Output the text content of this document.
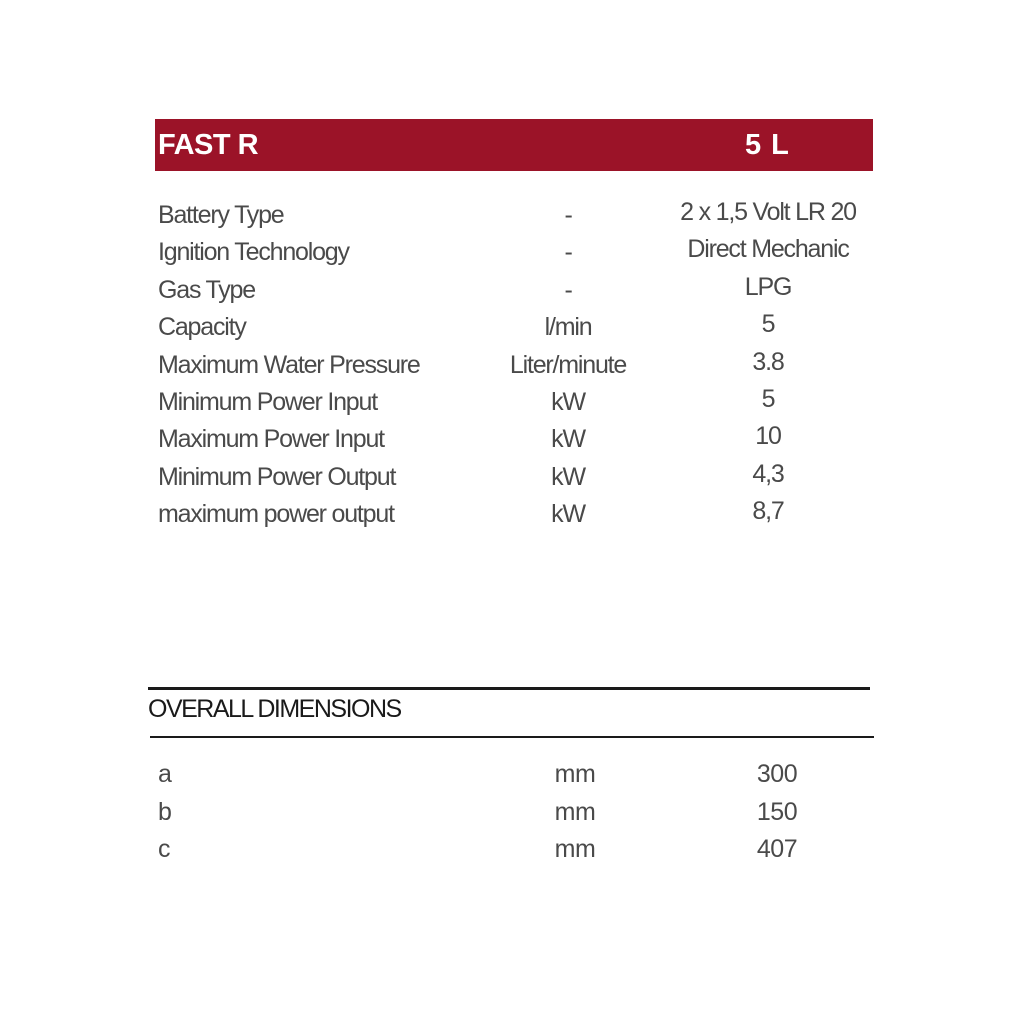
FAST R	5 L
Battery Type	-	2 x 1,5 Volt LR 20
Ignition Technology	-	Direct Mechanic
Gas Type	-	LPG
Capacity	l/min	5
Maximum Water Pressure	Liter/minute	3.8
Minimum Power Input	kW	5
Maximum Power Input	kW	10
Minimum Power Output	kW	4,3
maximum power output	kW	8,7
OVERALL DIMENSIONS
a	mm	300
b	mm	150
c	mm	407
